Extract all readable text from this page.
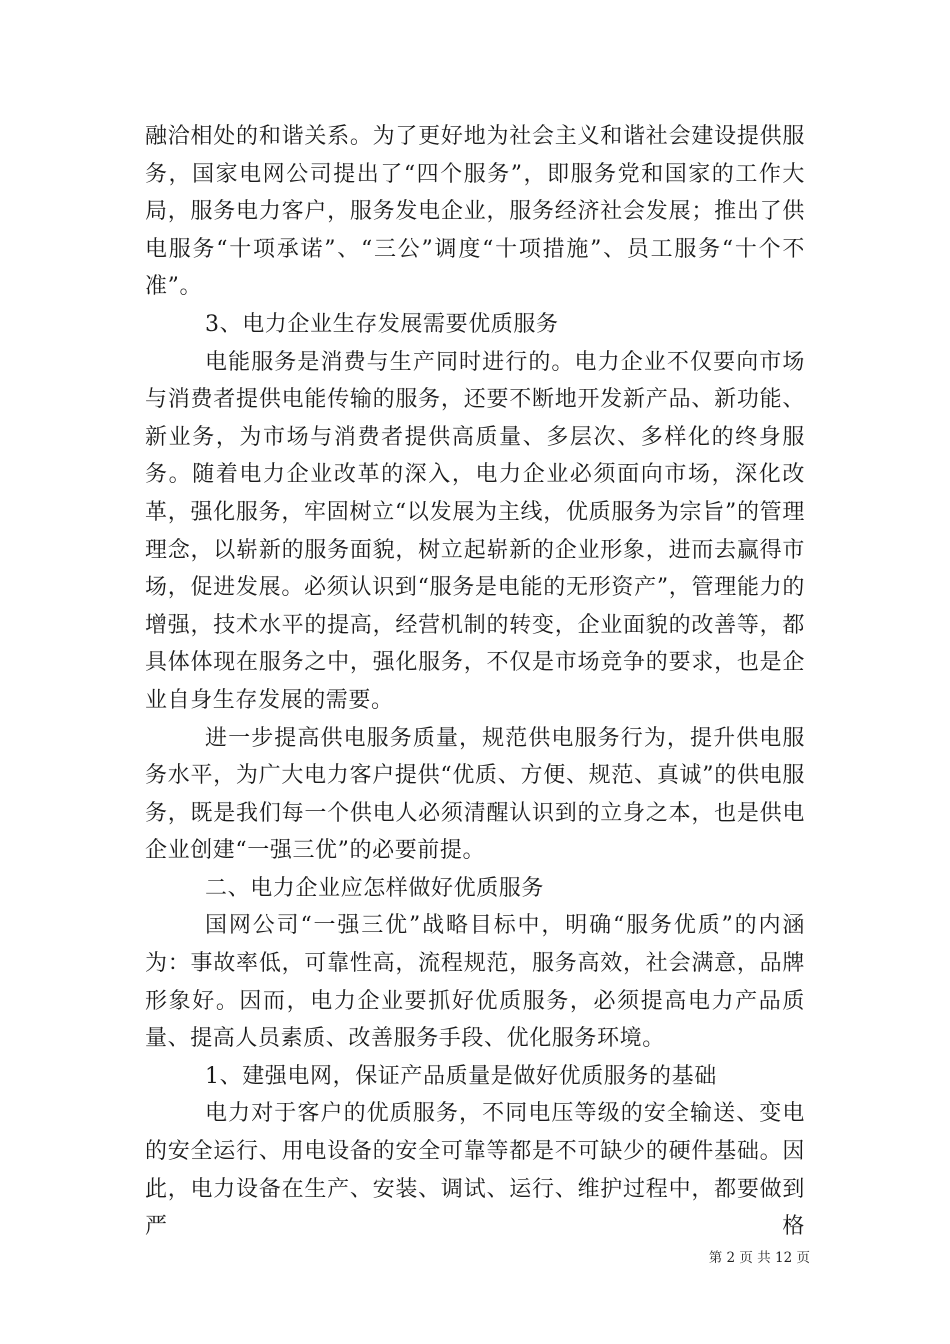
融洽相处的和谐关系。为了更好地为社会主义和谐社会建设提供服务，国家电网公司提出了“四个服务”，即服务党和国家的工作大局，服务电力客户，服务发电企业，服务经济社会发展；推出了供电服务“十项承诺”、“三公”调度“十项措施”、员工服务“十个不准”。

3、电力企业生存发展需要优质服务

电能服务是消费与生产同时进行的。电力企业不仅要向市场与消费者提供电能传输的服务，还要不断地开发新产品、新功能、新业务，为市场与消费者提供高质量、多层次、多样化的终身服务。随着电力企业改革的深入，电力企业必须面向市场，深化改革，强化服务，牢固树立“以发展为主线，优质服务为宗旨”的管理理念，以崭新的服务面貌，树立起崭新的企业形象，进而去赢得市场，促进发展。必须认识到“服务是电能的无形资产”，管理能力的增强，技术水平的提高，经营机制的转变，企业面貌的改善等，都具体体现在服务之中，强化服务，不仅是市场竞争的要求，也是企业自身生存发展的需要。

进一步提高供电服务质量，规范供电服务行为，提升供电服务水平，为广大电力客户提供“优质、方便、规范、真诚”的供电服务，既是我们每一个供电人必须清醒认识到的立身之本，也是供电企业创建“一强三优”的必要前提。

二、电力企业应怎样做好优质服务

国网公司“一强三优”战略目标中，明确“服务优质”的内涵为：事故率低，可靠性高，流程规范，服务高效，社会满意，品牌形象好。因而，电力企业要抓好优质服务，必须提高电力产品质量、提高人员素质、改善服务手段、优化服务环境。

1、建强电网，保证产品质量是做好优质服务的基础

电力对于客户的优质服务，不同电压等级的安全输送、变电的安全运行、用电设备的安全可靠等都是不可缺少的硬件基础。因此，电力设备在生产、安装、调试、运行、维护过程中，都要做到严格

第 2 页 共 12 页
